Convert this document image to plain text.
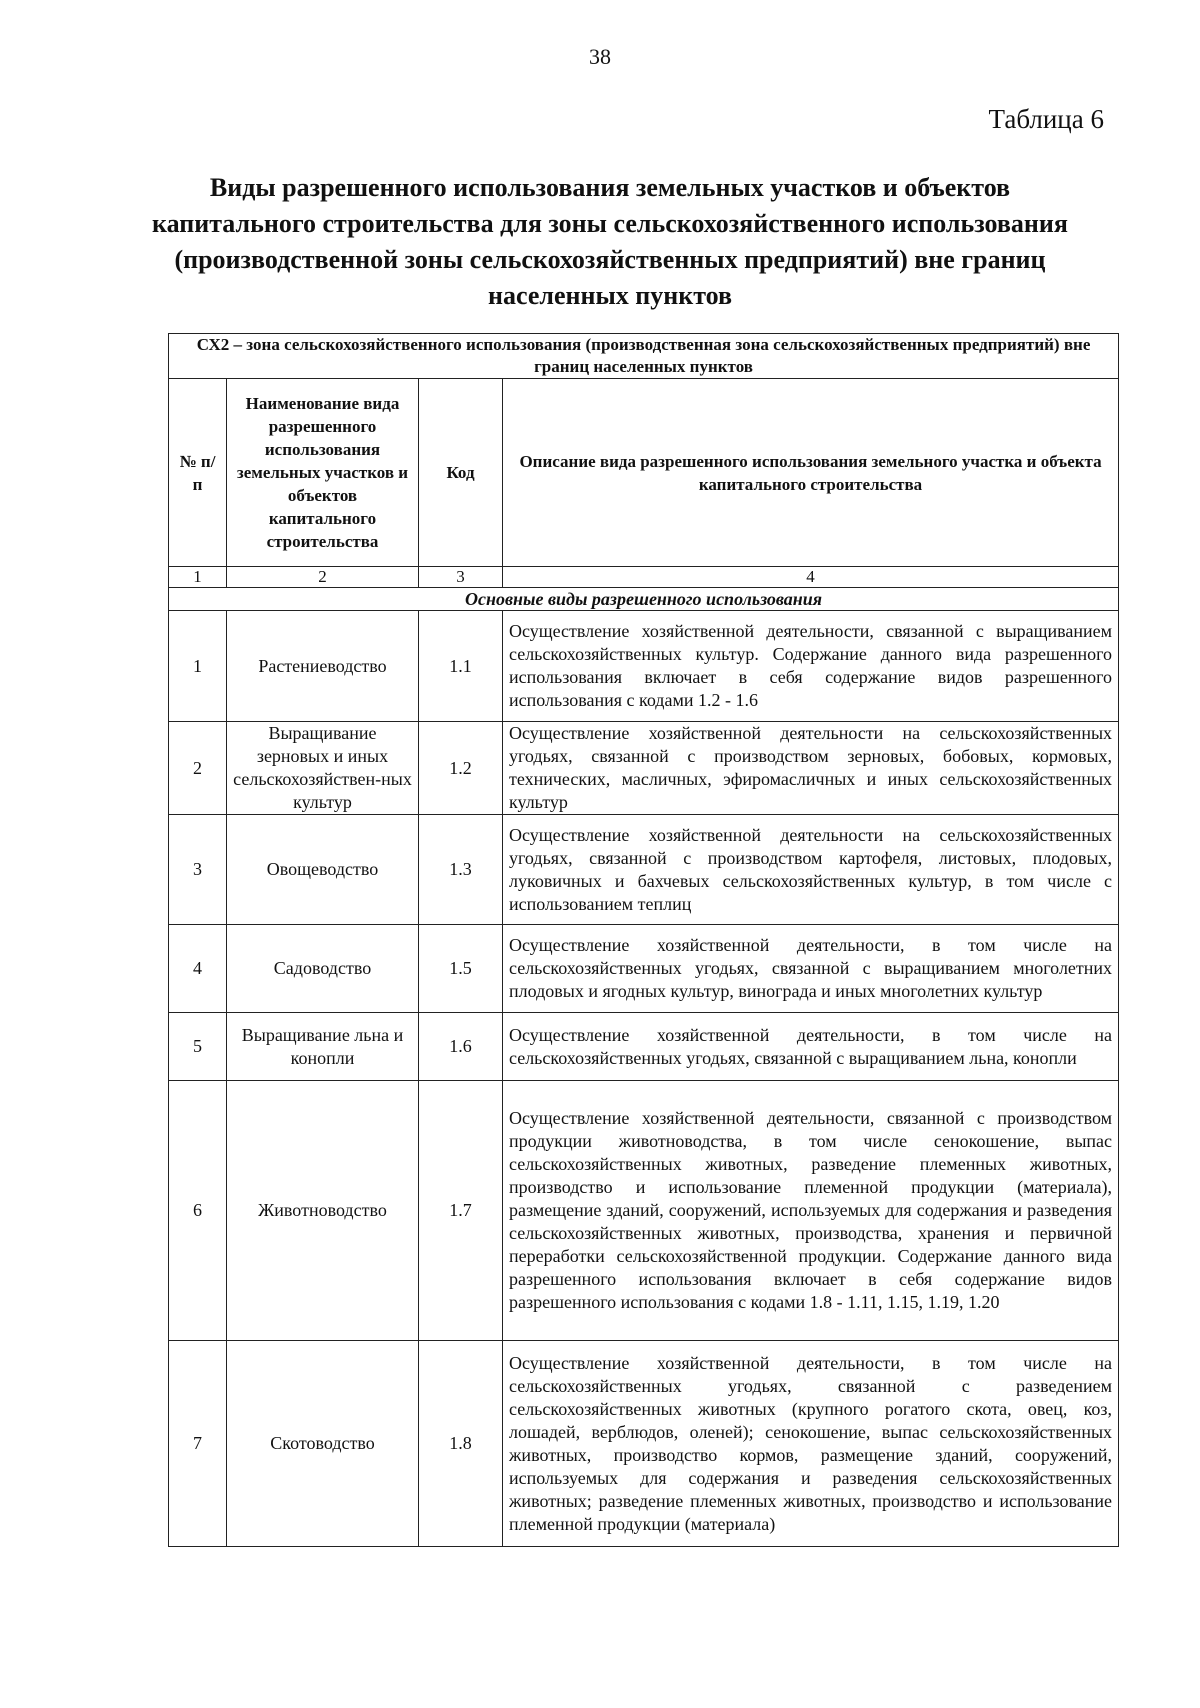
38
Таблица 6
Виды разрешенного использования земельных участков и объектов капитального строительства для зоны сельскохозяйственного использования (производственной зоны сельскохозяйственных предприятий) вне границ населенных пунктов
СХ2 – зона сельскохозяйственного использования (производственная зона сельскохозяйственных предприятий) вне границ населенных пунктов			
№ п/п	Наименование вида разрешенного использования земельных участков и объектов капитального строительства	Код	Описание вида разрешенного использования земельного участка и объекта капитального строительства
1	2	3	4
Основные виды разрешенного использования			
1	Растениеводство	1.1	Осуществление хозяйственной деятельности, связанной с выращиванием сельскохозяйственных культур. Содержание данного вида разрешенного использования включает в себя содержание видов разрешенного использования с кодами 1.2 - 1.6
2	Выращивание зерновых и иных сельскохозяйствен-ных культур	1.2	Осуществление хозяйственной деятельности на сельскохозяйственных угодьях, связанной с производством зерновых, бобовых, кормовых, технических, масличных, эфиромасличных и иных сельскохозяйственных культур
3	Овощеводство	1.3	Осуществление хозяйственной деятельности на сельскохозяйственных угодьях, связанной с производством картофеля, листовых, плодовых, луковичных и бахчевых сельскохозяйственных культур, в том числе с использованием теплиц
4	Садоводство	1.5	Осуществление хозяйственной деятельности, в том числе на сельскохозяйственных угодьях, связанной с выращиванием многолетних плодовых и ягодных культур, винограда и иных многолетних культур
5	Выращивание льна и конопли	1.6	Осуществление хозяйственной деятельности, в том числе на сельскохозяйственных угодьях, связанной с выращиванием льна, конопли
6	Животноводство	1.7	Осуществление хозяйственной деятельности, связанной с производством продукции животноводства, в том числе сенокошение, выпас сельскохозяйственных животных, разведение племенных животных, производство и использование племенной продукции (материала), размещение зданий, сооружений, используемых для содержания и разведения сельскохозяйственных животных, производства, хранения и первичной переработки сельскохозяйственной продукции. Содержание данного вида разрешенного использования включает в себя содержание видов разрешенного использования с кодами 1.8 - 1.11, 1.15, 1.19, 1.20
7	Скотоводство	1.8	Осуществление хозяйственной деятельности, в том числе на сельскохозяйственных угодьях, связанной с разведением сельскохозяйственных животных (крупного рогатого скота, овец, коз, лошадей, верблюдов, оленей); сенокошение, выпас сельскохозяйственных животных, производство кормов, размещение зданий, сооружений, используемых для содержания и разведения сельскохозяйственных животных; разведение племенных животных, производство и использование племенной продукции (материала)
